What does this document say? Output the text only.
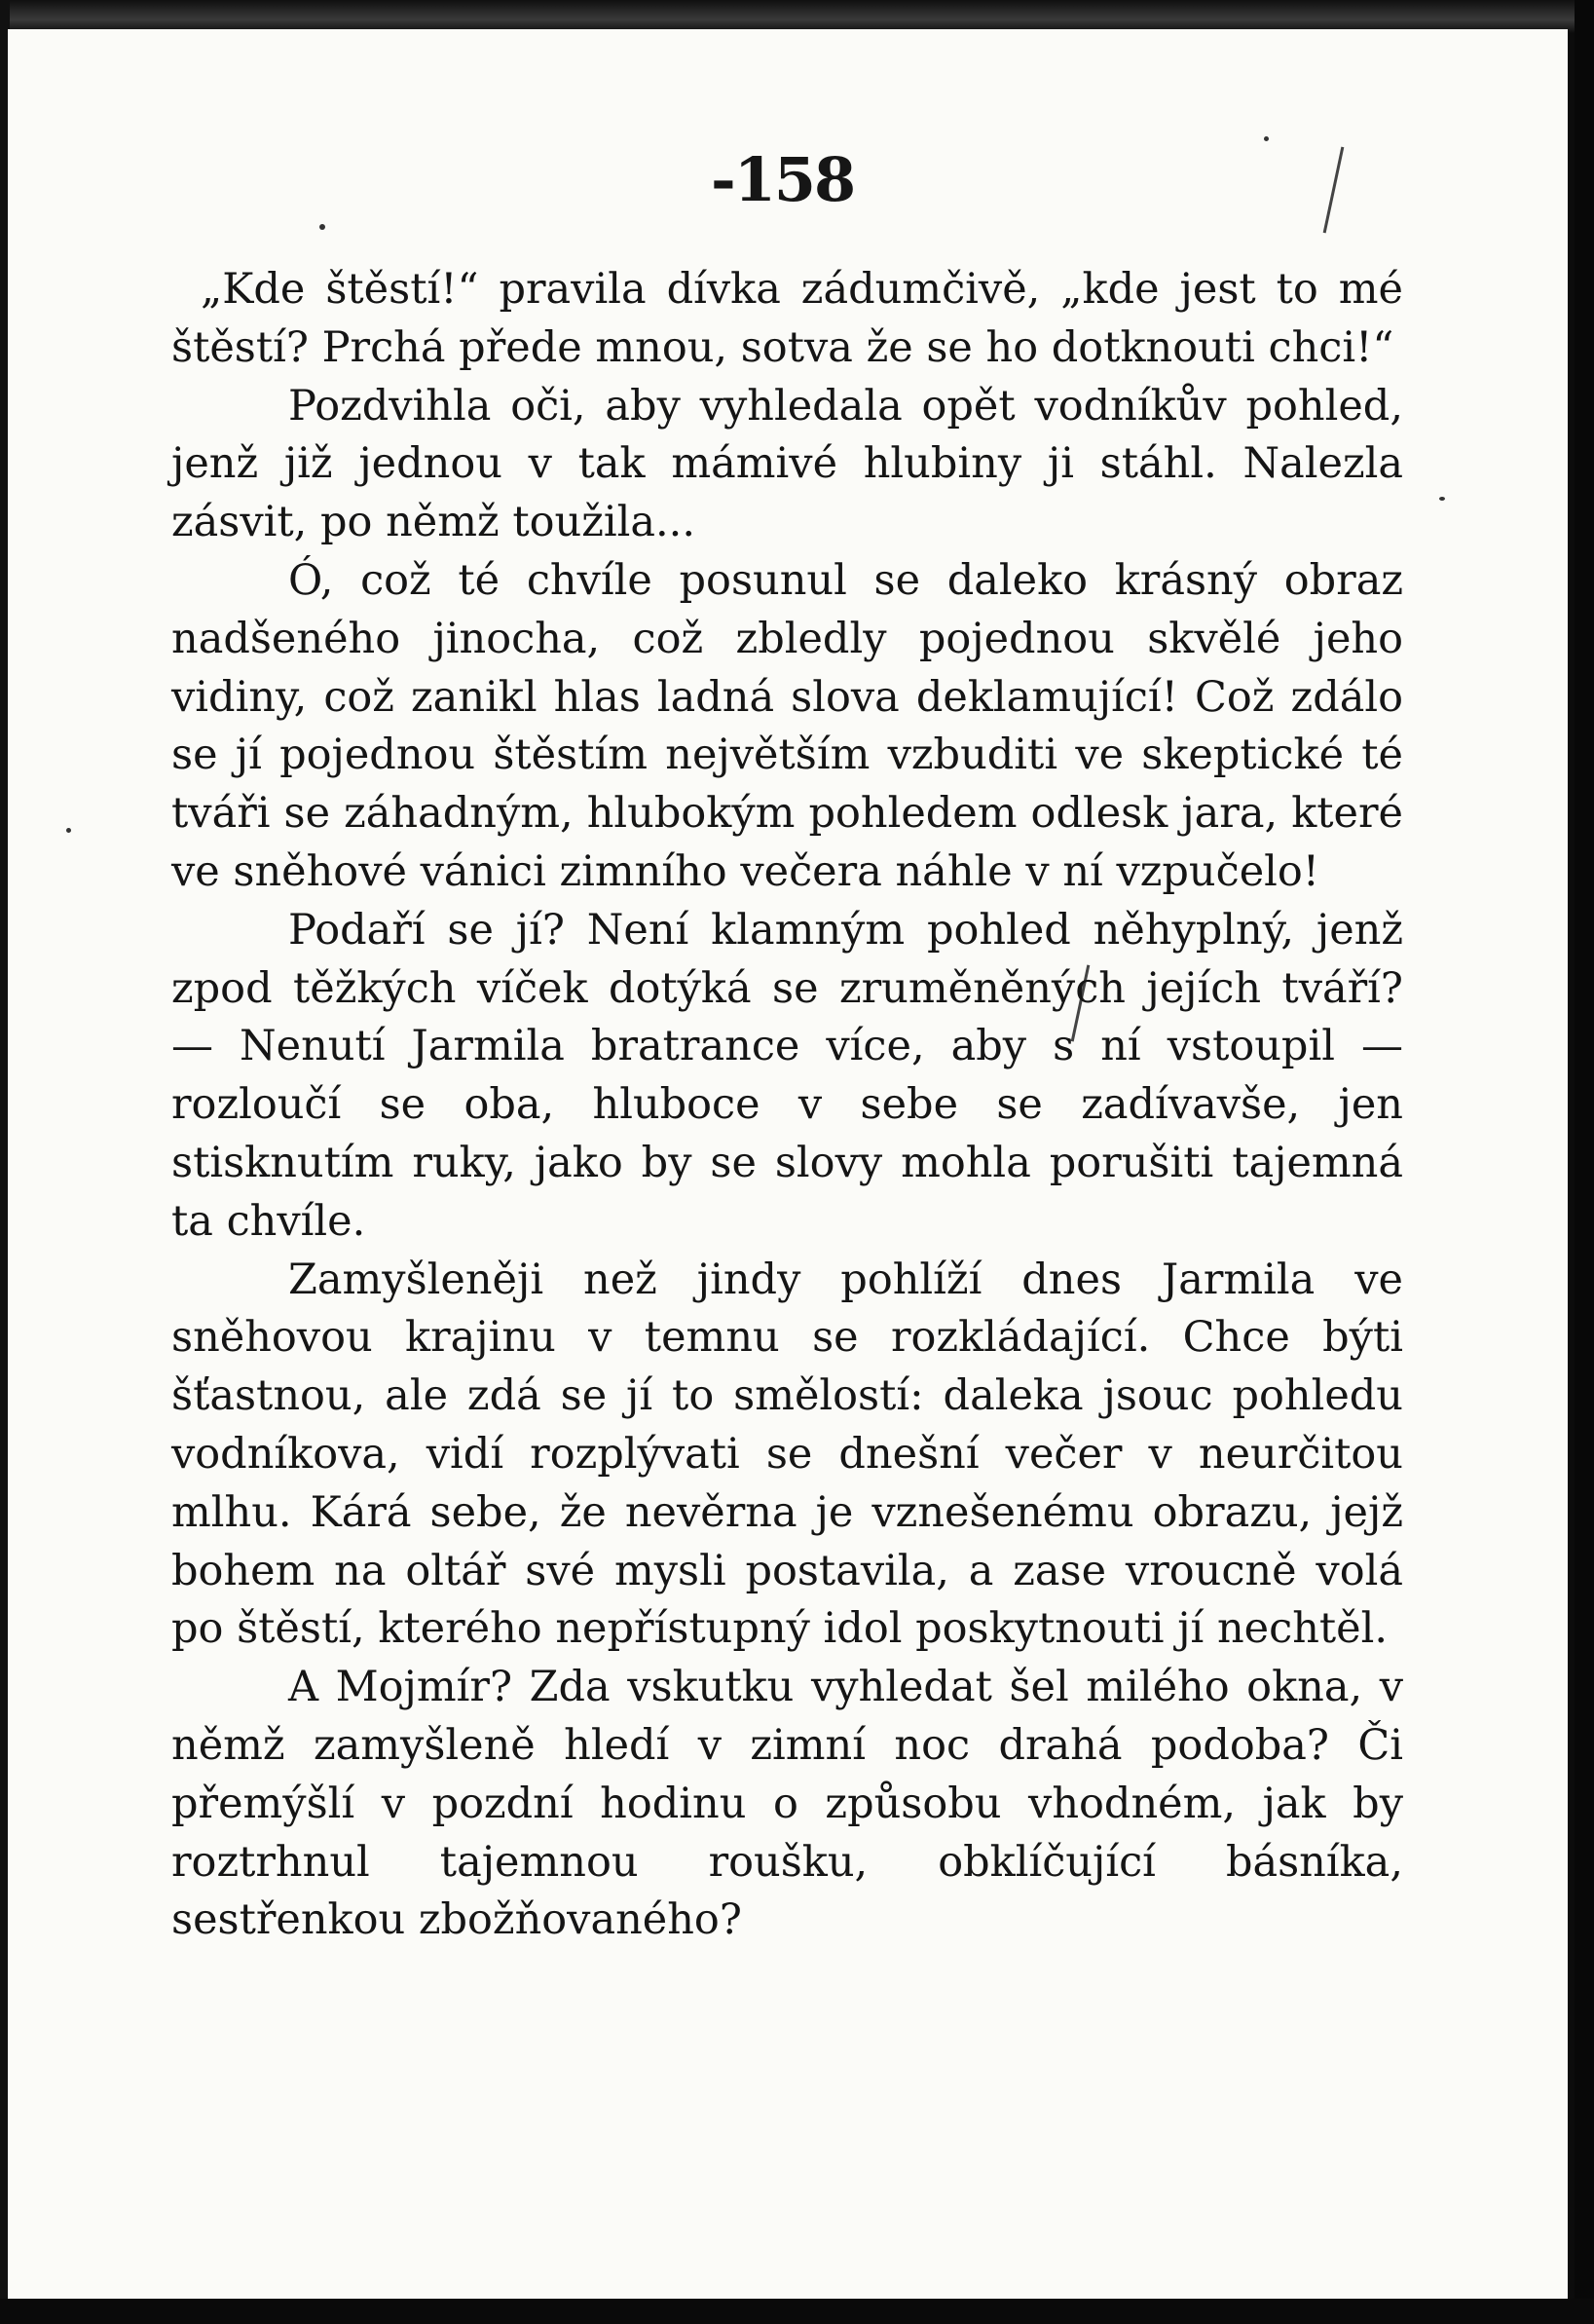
-158

„Kde štěstí!“ pravila dívka zádumčivě, „kde jest to mé štěstí? Prchá přede mnou, sotva že se ho dotknouti chci!“

Pozdvihla oči, aby vyhledala opět vodníkův pohled, jenž již jednou v tak mámivé hlubiny ji stáhl. Nalezla zásvit, po němž toužila...

Ó, což té chvíle posunul se daleko krásný obraz nadšeného jinocha, což zbledly pojednou skvělé jeho vidiny, což zanikl hlas ladná slova deklamující! Což zdálo se jí pojednou štěstím největším vzbuditi ve skeptické té tváři se záhadným, hlubokým pohledem odlesk jara, které ve sněhové vánici zimního večera náhle v ní vzpučelo!

Podaří se jí? Není klamným pohled něhyplný, jenž zpod těžkých víček dotýká se zruměněných jejích tváří? — Nenutí Jarmila bratrance více, aby s ní vstoupil — rozloučí se oba, hluboce v sebe se zadívavše, jen stisknutím ruky, jako by se slovy mohla porušiti tajemná ta chvíle.

Zamyšleněji než jindy pohlíží dnes Jarmila ve sněhovou krajinu v temnu se rozkládající. Chce býti šťastnou, ale zdá se jí to smělostí: daleka jsouc pohledu vodníkova, vidí rozplývati se dnešní večer v neurčitou mlhu. Kárá sebe, že nevěrna je vznešenému obrazu, jejž bohem na oltář své mysli postavila, a zase vroucně volá po štěstí, kterého nepřístupný idol poskytnouti jí nechtěl.

A Mojmír? Zda vskutku vyhledat šel milého okna, v němž zamyšleně hledí v zimní noc drahá podoba? Či přemýšlí v pozdní hodinu o způsobu vhodném, jak by roztrhnul tajemnou roušku, obklíčující básníka, sestřenkou zbožňovaného?
